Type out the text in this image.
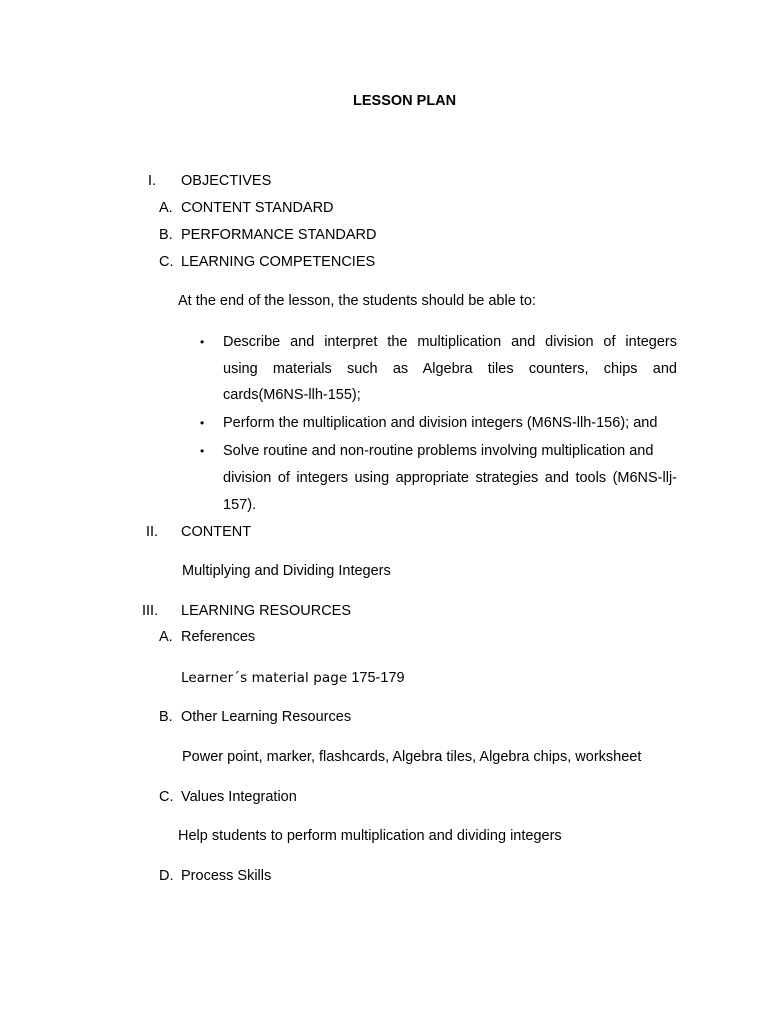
LESSON PLAN
I. OBJECTIVES
A. CONTENT STANDARD
B. PERFORMANCE STANDARD
C. LEARNING COMPETENCIES
At the end of the lesson, the students should be able to:
• Describe and interpret the multiplication and division of integers
using materials such as Algebra tiles counters, chips and
cards(M6NS-llh-155);
• Perform the multiplication and division integers (M6NS-llh-156); and
• Solve routine and non-routine problems involving multiplication and
division of integers using appropriate strategies and tools (M6NS-llj-
157).
II. CONTENT
Multiplying and Dividing Integers
III. LEARNING RESOURCES
A. References
Learner´s material page 175-179
B. Other Learning Resources
Power point, marker, flashcards, Algebra tiles, Algebra chips, worksheet
C. Values Integration
Help students to perform multiplication and dividing integers
D. Process Skills
